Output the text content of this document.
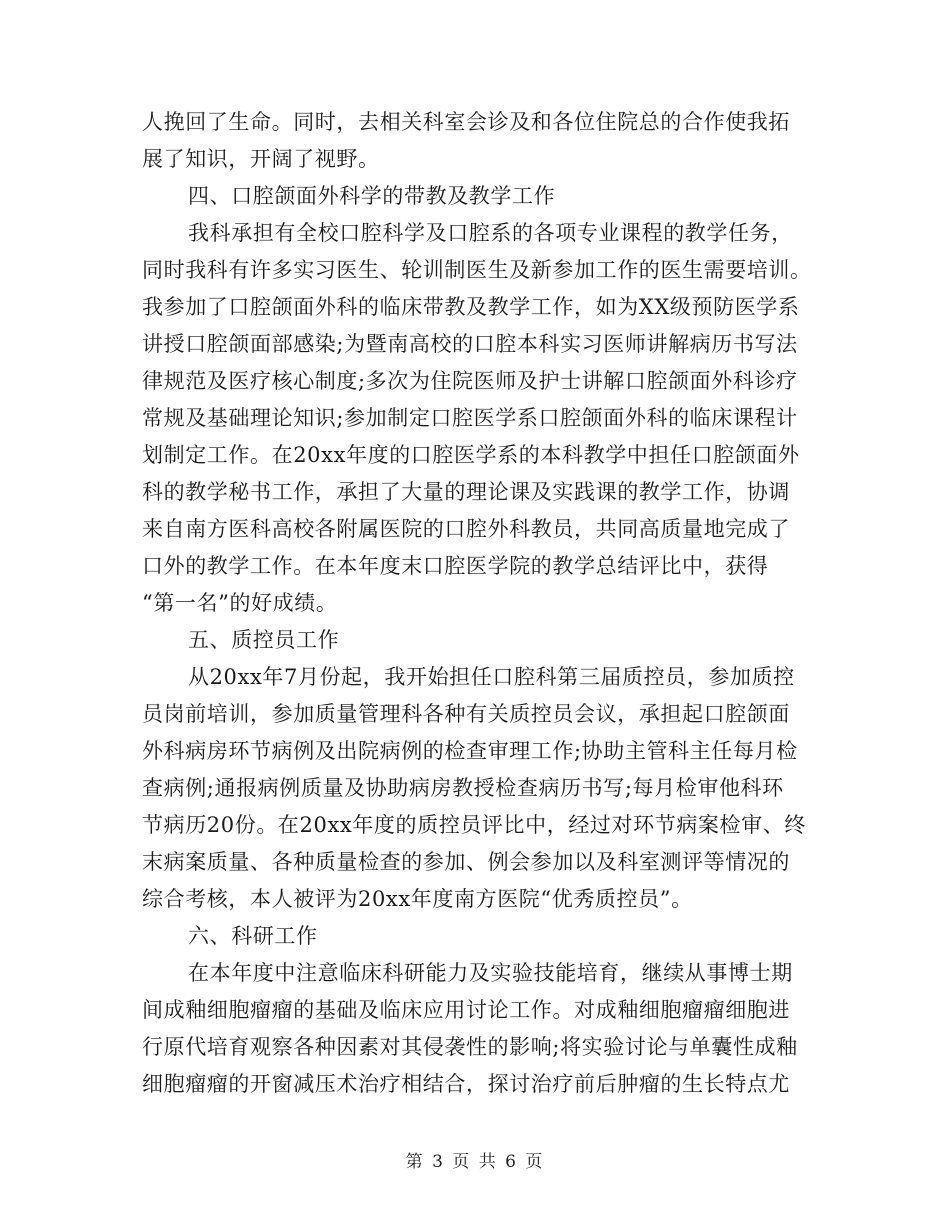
人挽回了生命。同时，去相关科室会诊及和各位住院总的合作使我拓
展了知识，开阔了视野。
四、口腔颌面外科学的带教及教学工作
我科承担有全校口腔科学及口腔系的各项专业课程的教学任务，
同时我科有许多实习医生、轮训制医生及新参加工作的医生需要培训。
我参加了口腔颌面外科的临床带教及教学工作，如为XX级预防医学系
讲授口腔颌面部感染;为暨南高校的口腔本科实习医师讲解病历书写法
律规范及医疗核心制度;多次为住院医师及护士讲解口腔颌面外科诊疗
常规及基础理论知识;参加制定口腔医学系口腔颌面外科的临床课程计
划制定工作。在20xx年度的口腔医学系的本科教学中担任口腔颌面外
科的教学秘书工作，承担了大量的理论课及实践课的教学工作，协调
来自南方医科高校各附属医院的口腔外科教员，共同高质量地完成了
口外的教学工作。在本年度末口腔医学院的教学总结评比中，获得
“第一名”的好成绩。
五、质控员工作
从20xx年7月份起，我开始担任口腔科第三届质控员，参加质控
员岗前培训，参加质量管理科各种有关质控员会议，承担起口腔颌面
外科病房环节病例及出院病例的检查审理工作;协助主管科主任每月检
查病例;通报病例质量及协助病房教授检查病历书写;每月检审他科环
节病历20份。在20xx年度的质控员评比中，经过对环节病案检审、终
末病案质量、各种质量检查的参加、例会参加以及科室测评等情况的
综合考核，本人被评为20xx年度南方医院“优秀质控员”。
六、科研工作
在本年度中注意临床科研能力及实验技能培育，继续从事博士期
间成釉细胞瘤瘤的基础及临床应用讨论工作。对成釉细胞瘤瘤细胞进
行原代培育观察各种因素对其侵袭性的影响;将实验讨论与单囊性成釉
细胞瘤瘤的开窗减压术治疗相结合，探讨治疗前后肿瘤的生长特点尤
第 3 页 共 6 页
